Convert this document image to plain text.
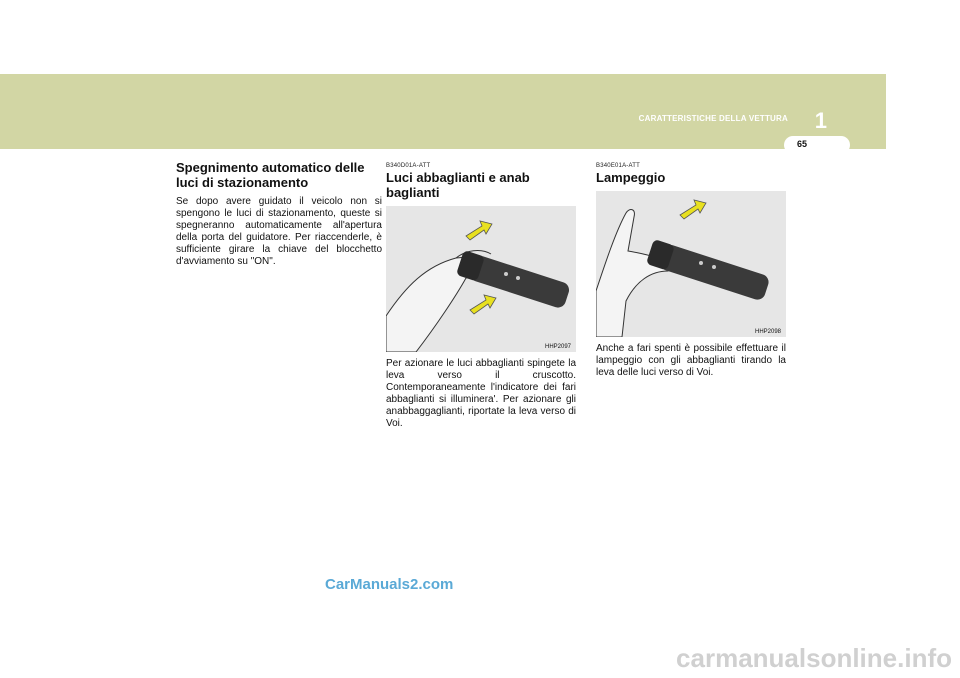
CARATTERISTICHE DELLA VETTURA 1
65
Spegnimento automatico delle luci di stazionamento

Se dopo avere guidato il veicolo non si spengono le luci di stazionamento, queste si spegneranno automaticamente all'apertura della porta del guidatore. Per riaccenderle, è sufficiente girare la chiave del blocchetto d'avviamento su "ON".

B340D01A-ATT
Luci abbaglianti e anab baglianti
HHP2097

Per azionare le luci abbaglianti spingete la leva verso il cruscotto. Contemporaneamente l'indicatore dei fari abbaglianti si illuminera'. Per azionare gli anabbaggaglianti, riportate la leva verso di Voi.

B340E01A-ATT
Lampeggio
HHP2098

Anche a fari spenti è possibile effettuare il lampeggio con gli abbaglianti tirando la leva delle luci verso di Voi.

CarManuals2.com
carmanualsonline.info
